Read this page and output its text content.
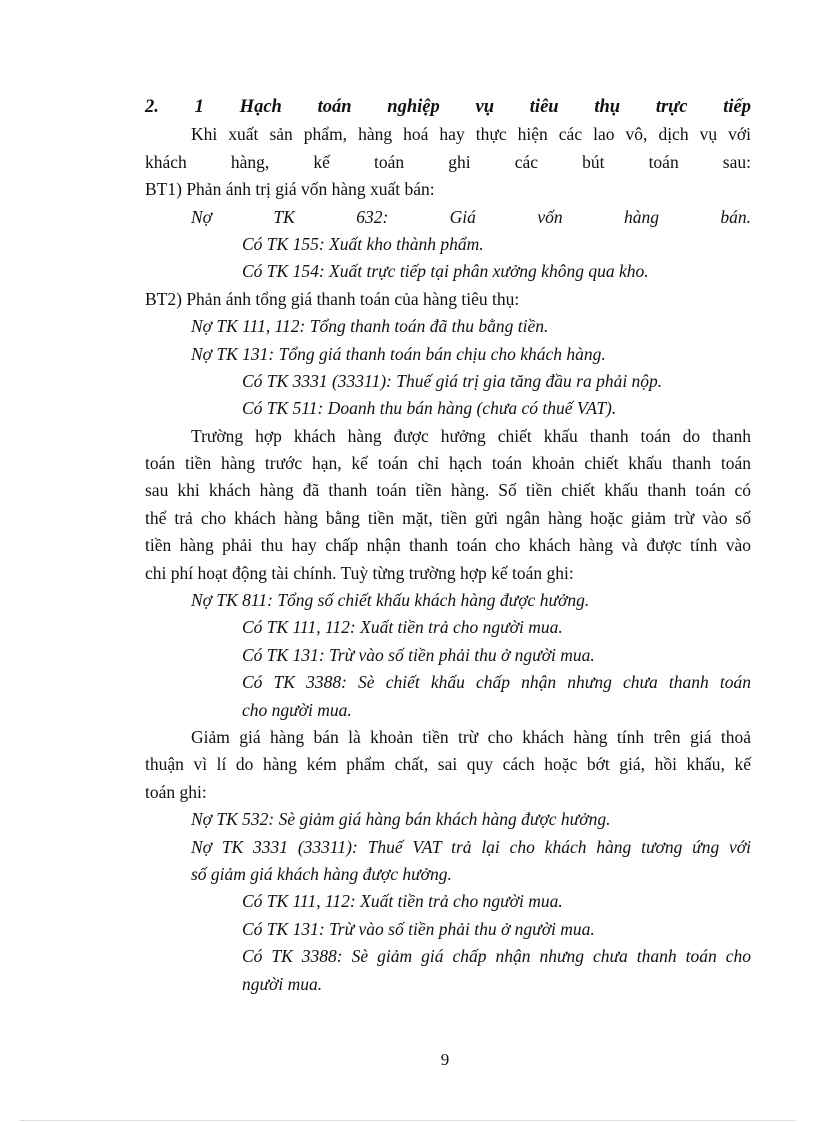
2. 1 Hạch toán nghiệp vụ tiêu thụ trực tiếp
Khi xuất sản phẩm, hàng hoá hay thực hiện các lao vô, dịch vụ với
khách hàng, kế toán ghi các bút toán sau:
BT1) Phản ánh trị giá vốn hàng xuất bán:
Nợ TK 632: Giá vốn hàng bán.
Có TK 155: Xuất kho thành phẩm.
Có TK 154: Xuất trực tiếp tại phân xưởng không qua kho.
BT2) Phản ánh tổng giá thanh toán của hàng tiêu thụ:
Nợ TK 111, 112: Tổng thanh toán đã thu bằng tiền.
Nợ TK 131: Tổng giá thanh toán bán chịu cho khách hàng.
Có TK 3331 (33311): Thuế giá trị gia tăng đầu ra phải nộp.
Có TK 511: Doanh thu bán hàng (chưa có thuế VAT).
Trường hợp khách hàng được hưởng chiết khấu thanh toán do thanh
toán tiền hàng trước hạn, kế toán chỉ hạch toán khoản chiết khấu thanh toán
sau khi khách hàng đã thanh toán tiền hàng. Số tiền chiết khấu thanh toán có
thể trả cho khách hàng bằng tiền mặt, tiền gửi ngân hàng hoặc giảm trừ vào số
tiền hàng phải thu hay chấp nhận thanh toán cho khách hàng và được tính vào
chi phí hoạt động tài chính. Tuỳ từng trường hợp kế toán ghi:
Nợ TK 811: Tổng số chiết khấu khách hàng được hưởng.
Có TK 111, 112: Xuất tiền trả cho người mua.
Có TK 131: Trừ vào số tiền phải thu ở người mua.
Có TK 3388: Sè chiết khấu chấp nhận nhưng chưa thanh toán
cho người mua.
Giảm giá hàng bán là khoản tiền trừ cho khách hàng tính trên giá thoả
thuận vì lí do hàng kém phẩm chất, sai quy cách hoặc bớt giá, hồi khấu, kế
toán ghi:
Nợ TK 532: Sè giảm giá hàng bán khách hàng được hưởng.
Nợ TK 3331 (33311): Thuế VAT trả lại cho khách hàng tương ứng với
số giảm giá khách hàng được hưởng.
Có TK 111, 112: Xuất tiền trả cho người mua.
Có TK 131: Trừ vào số tiền phải thu ở người mua.
Có TK 3388: Sè giảm giá chấp nhận nhưng chưa thanh toán cho
người mua.
9
